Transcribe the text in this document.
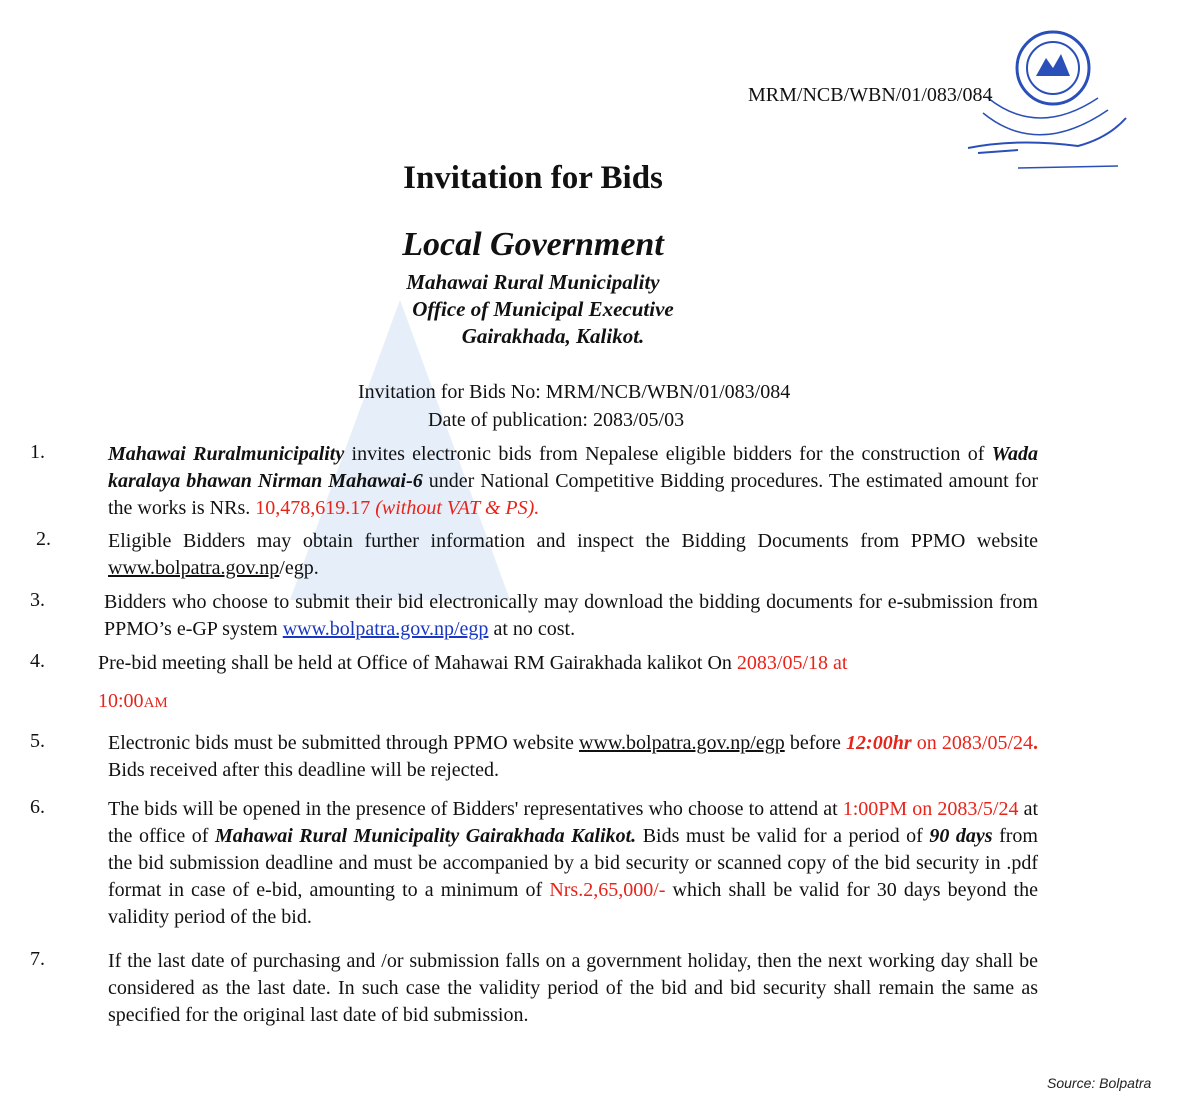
MRM/NCB/WBN/01/083/084
Invitation for Bids
Local Government
Mahawai Rural Municipality
Office of Municipal Executive
Gairakhada, Kalikot.
Invitation for Bids No: MRM/NCB/WBN/01/083/084
Date of publication: 2083/05/03
1.	Mahawai Ruralmunicipality invites electronic bids from Nepalese eligible bidders for the construction of Wada karalaya bhawan Nirman Mahawai-6 under National Competitive Bidding procedures. The estimated amount for the works is NRs. 10,478,619.17 (without VAT & PS).
2.	Eligible Bidders may obtain further information and inspect the Bidding Documents from PPMO website www.bolpatra.gov.np/egp.
3.	Bidders who choose to submit their bid electronically may download the bidding documents for e-submission from PPMO’s e-GP system www.bolpatra.gov.np/egp at no cost.
4.	Pre-bid meeting shall be held at Office of Mahawai RM Gairakhada kalikot On 2083/05/18 at
10:00AM
5.	Electronic bids must be submitted through PPMO website www.bolpatra.gov.np/egp before 12:00hr on 2083/05/24. Bids received after this deadline will be rejected.
6.	The bids will be opened in the presence of Bidders' representatives who choose to attend at 1:00PM on 2083/5/24 at the office of Mahawai Rural Municipality Gairakhada Kalikot. Bids must be valid for a period of 90 days from the bid submission deadline and must be accompanied by a bid security or scanned copy of the bid security in .pdf format in case of e-bid, amounting to a minimum of Nrs.2,65,000/- which shall be valid for 30 days beyond the validity period of the bid.
7.	If the last date of purchasing and /or submission falls on a government holiday, then the next working day shall be considered as the last date. In such case the validity period of the bid and bid security shall remain the same as specified for the original last date of bid submission.
Source: Bolpatra
